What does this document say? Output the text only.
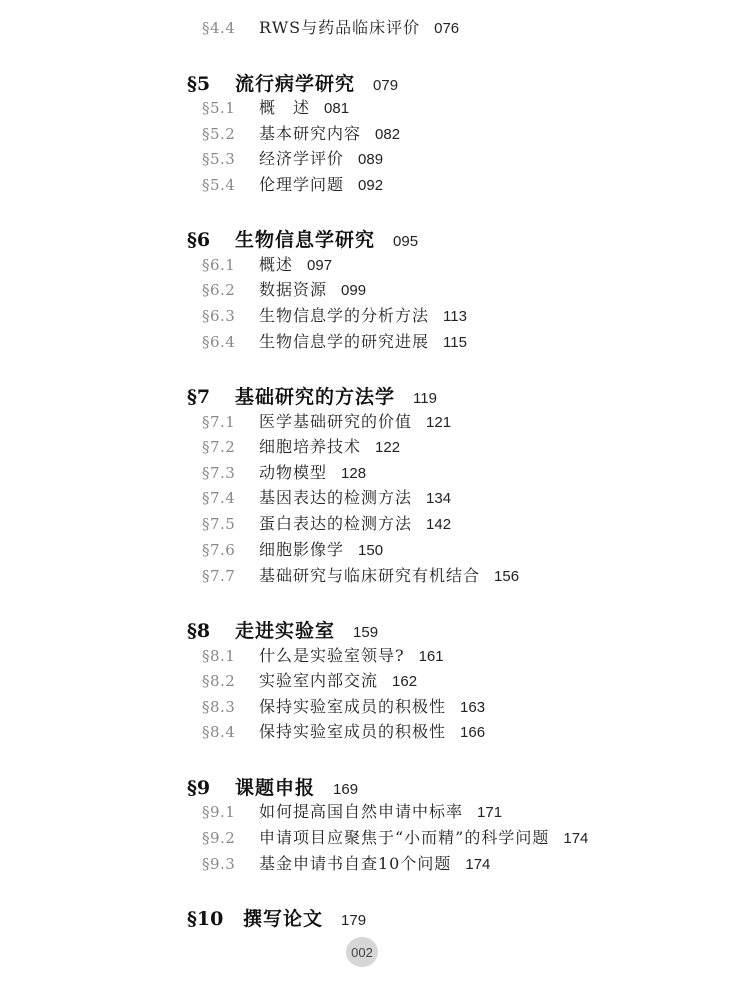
§4.4	RWS与药品临床评价 076
§5	流行病学研究 079
§5.1	概　述 081
§5.2	基本研究内容 082
§5.3	经济学评价 089
§5.4	伦理学问题 092
§6	生物信息学研究 095
§6.1	概述 097
§6.2	数据资源 099
§6.3	生物信息学的分析方法 113
§6.4	生物信息学的研究进展 115
§7	基础研究的方法学 119
§7.1	医学基础研究的价值 121
§7.2	细胞培养技术 122
§7.3	动物模型 128
§7.4	基因表达的检测方法 134
§7.5	蛋白表达的检测方法 142
§7.6	细胞影像学 150
§7.7	基础研究与临床研究有机结合 156
§8	走进实验室 159
§8.1	什么是实验室领导? 161
§8.2	实验室内部交流 162
§8.3	保持实验室成员的积极性 163
§8.4	保持实验室成员的积极性 166
§9	课题申报 169
§9.1	如何提高国自然申请中标率 171
§9.2	申请项目应聚焦于“小而精”的科学问题 174
§9.3	基金申请书自查10个问题 174
§10	撰写论文 179
002
